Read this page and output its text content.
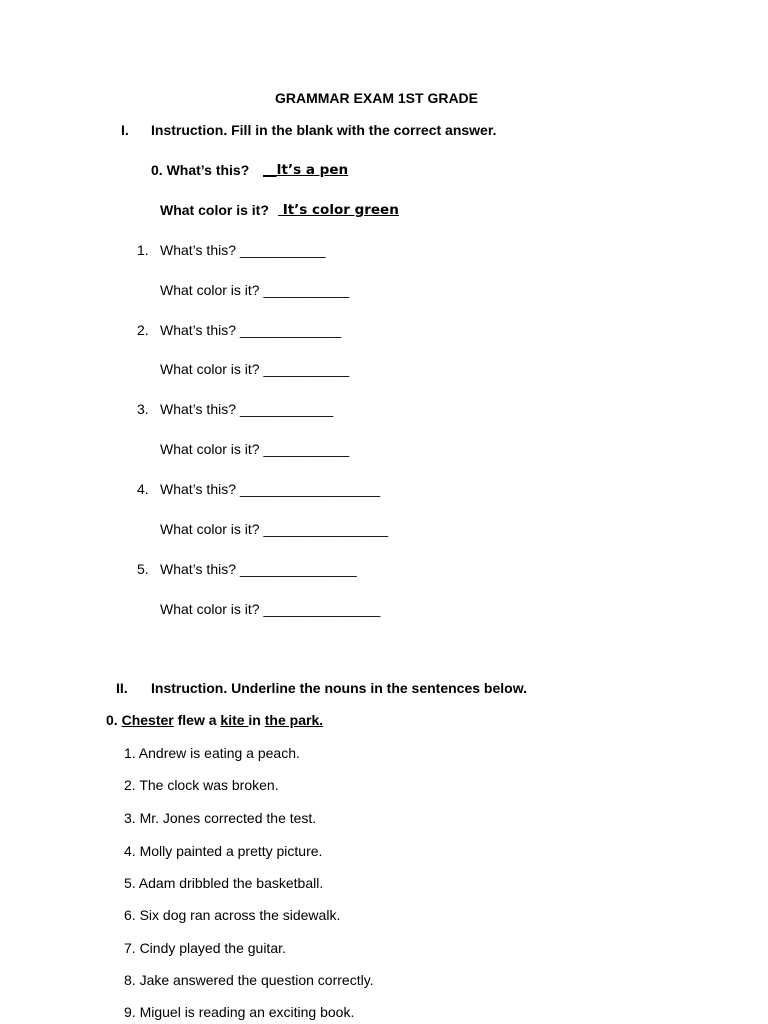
GRAMMAR EXAM 1ST GRADE
I. Instruction. Fill in the blank with the correct answer.
0. What’s this? __It’s a pen
What color is it? It’s color green
1. What’s this? ___________
What color is it? ___________
2. What’s this? _____________
What color is it? ___________
3. What’s this? ____________
What color is it? ___________
4. What’s this? __________________
What color is it? ________________
5. What’s this? _______________
What color is it? _______________
II. Instruction. Underline the nouns in the sentences below.
0. Chester flew a kite in the park.
1. Andrew is eating a peach.
2. The clock was broken.
3. Mr. Jones corrected the test.
4. Molly painted a pretty picture.
5. Adam dribbled the basketball.
6. Six dog ran across the sidewalk.
7. Cindy played the guitar.
8. Jake answered the question correctly.
9. Miguel is reading an exciting book.
